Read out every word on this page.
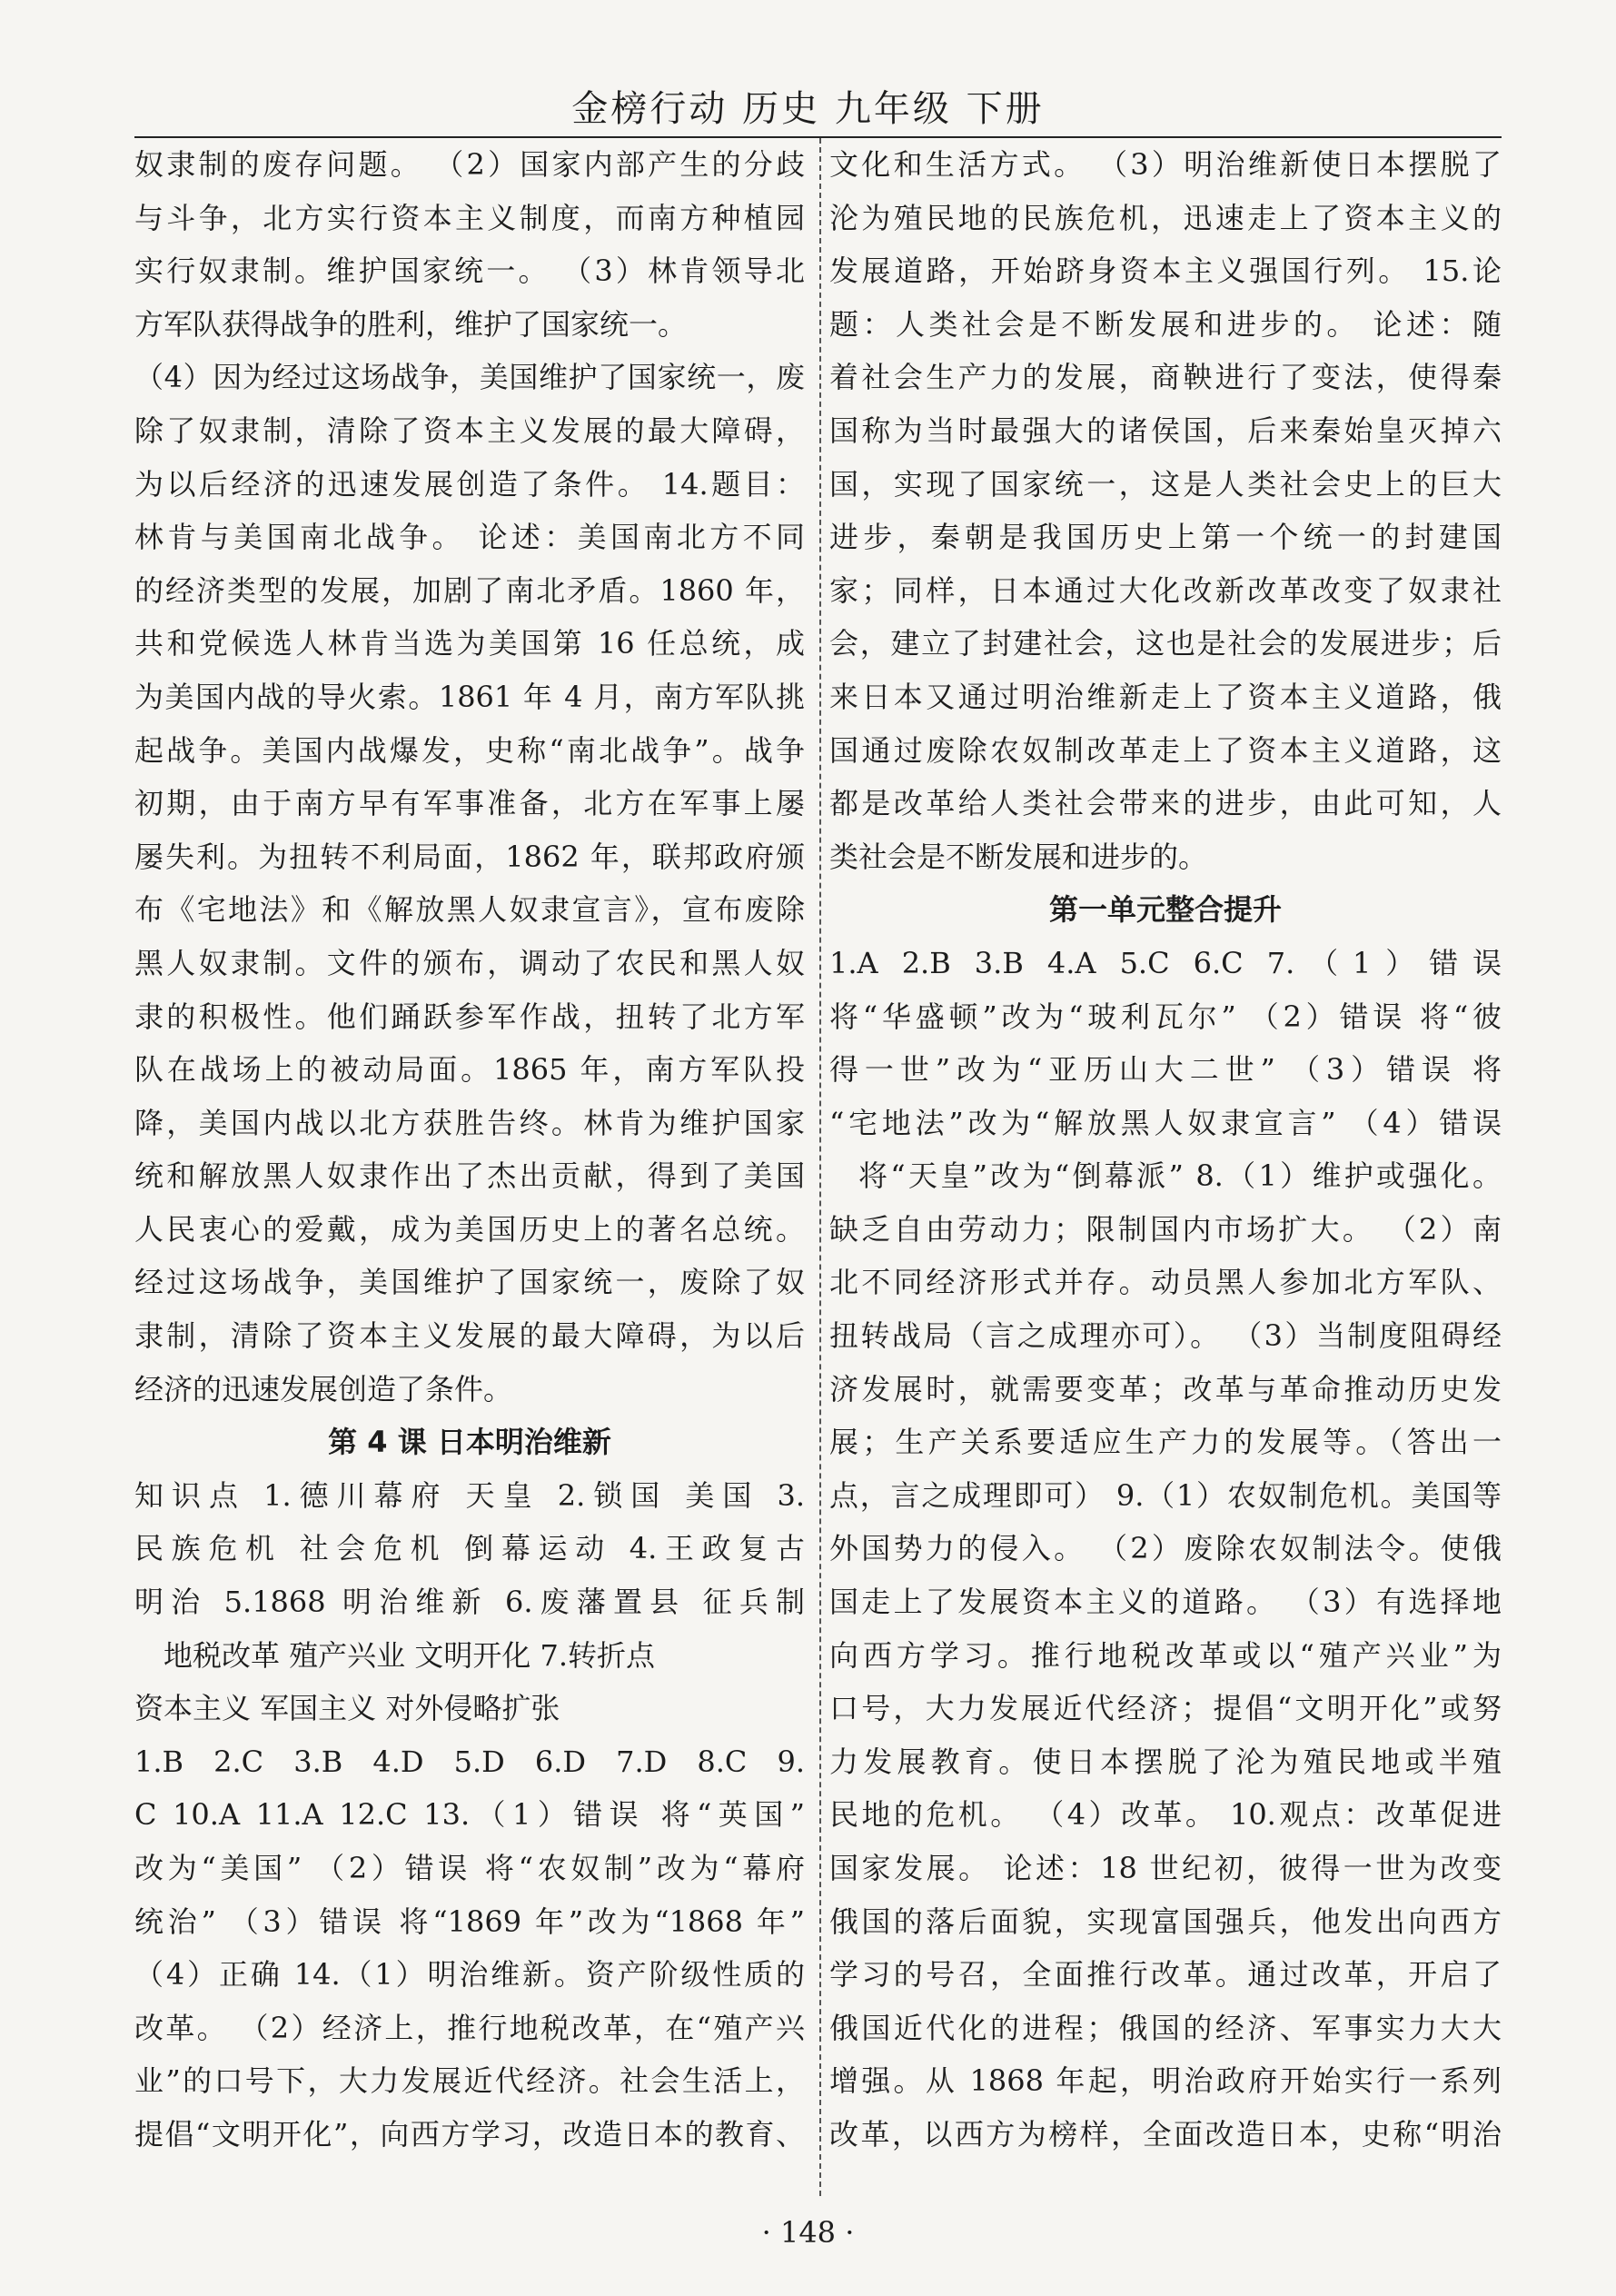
金榜行动 历史 九年级 下册
奴隶制的废存问题。 （2）国家内部产生的分歧
与斗争，北方实行资本主义制度，而南方种植园
实行奴隶制。维护国家统一。 （3）林肯领导北
方军队获得战争的胜利，维护了国家统一。
（4）因为经过这场战争，美国维护了国家统一，废
除了奴隶制，清除了资本主义发展的最大障碍，
为以后经济的迅速发展创造了条件。 14.题目：
林肯与美国南北战争。 论述：美国南北方不同
的经济类型的发展，加剧了南北矛盾。1860 年，
共和党候选人林肯当选为美国第 16 任总统，成
为美国内战的导火索。1861 年 4 月，南方军队挑
起战争。美国内战爆发，史称“南北战争”。战争
初期，由于南方早有军事准备，北方在军事上屡
屡失利。为扭转不利局面，1862 年，联邦政府颁
布《宅地法》和《解放黑人奴隶宣言》，宣布废除
黑人奴隶制。文件的颁布，调动了农民和黑人奴
隶的积极性。他们踊跃参军作战，扭转了北方军
队在战场上的被动局面。1865 年，南方军队投
降，美国内战以北方获胜告终。林肯为维护国家
统和解放黑人奴隶作出了杰出贡献，得到了美国
人民衷心的爱戴，成为美国历史上的著名总统。
经过这场战争，美国维护了国家统一，废除了奴
隶制，清除了资本主义发展的最大障碍，为以后
经济的迅速发展创造了条件。
第 4 课 日本明治维新
知识点 1.德川幕府 天皇 2.锁国 美国 3.
民族危机 社会危机 倒幕运动 4.王政复古
明治 5.1868 明治维新 6.废藩置县 征兵制
地税改革 殖产兴业 文明开化 7.转折点
资本主义 军国主义 对外侵略扩张
1.B 2.C 3.B 4.D 5.D 6.D 7.D 8.C 9.
C 10.A 11.A 12.C 13.（1）错误 将“英国”
改为“美国” （2）错误 将“农奴制”改为“幕府
统治” （3）错误 将“1869 年”改为“1868 年”
（4）正确 14.（1）明治维新。资产阶级性质的
改革。 （2）经济上，推行地税改革，在“殖产兴
业”的口号下，大力发展近代经济。社会生活上，
提倡“文明开化”，向西方学习，改造日本的教育、
文化和生活方式。 （3）明治维新使日本摆脱了
沦为殖民地的民族危机，迅速走上了资本主义的
发展道路，开始跻身资本主义强国行列。 15.论
题：人类社会是不断发展和进步的。 论述：随
着社会生产力的发展，商鞅进行了变法，使得秦
国称为当时最强大的诸侯国，后来秦始皇灭掉六
国，实现了国家统一，这是人类社会史上的巨大
进步，秦朝是我国历史上第一个统一的封建国
家；同样，日本通过大化改新改革改变了奴隶社
会，建立了封建社会，这也是社会的发展进步；后
来日本又通过明治维新走上了资本主义道路，俄
国通过废除农奴制改革走上了资本主义道路，这
都是改革给人类社会带来的进步，由此可知，人
类社会是不断发展和进步的。
第一单元整合提升
1.A 2.B 3.B 4.A 5.C 6.C 7.（1）错误
将“华盛顿”改为“玻利瓦尔” （2）错误 将“彼
得一世”改为“亚历山大二世” （3）错误 将
“宅地法”改为“解放黑人奴隶宣言” （4）错误
将“天皇”改为“倒幕派” 8.（1）维护或强化。
缺乏自由劳动力；限制国内市场扩大。 （2）南
北不同经济形式并存。动员黑人参加北方军队、
扭转战局（言之成理亦可）。 （3）当制度阻碍经
济发展时，就需要变革；改革与革命推动历史发
展；生产关系要适应生产力的发展等。（答出一
点，言之成理即可） 9.（1）农奴制危机。美国等
外国势力的侵入。 （2）废除农奴制法令。使俄
国走上了发展资本主义的道路。 （3）有选择地
向西方学习。推行地税改革或以“殖产兴业”为
口号，大力发展近代经济；提倡“文明开化”或努
力发展教育。使日本摆脱了沦为殖民地或半殖
民地的危机。 （4）改革。 10.观点：改革促进
国家发展。 论述：18 世纪初，彼得一世为改变
俄国的落后面貌，实现富国强兵，他发出向西方
学习的号召，全面推行改革。通过改革，开启了
俄国近代化的进程；俄国的经济、军事实力大大
增强。从 1868 年起，明治政府开始实行一系列
改革，以西方为榜样，全面改造日本，史称“明治
· 148 ·
